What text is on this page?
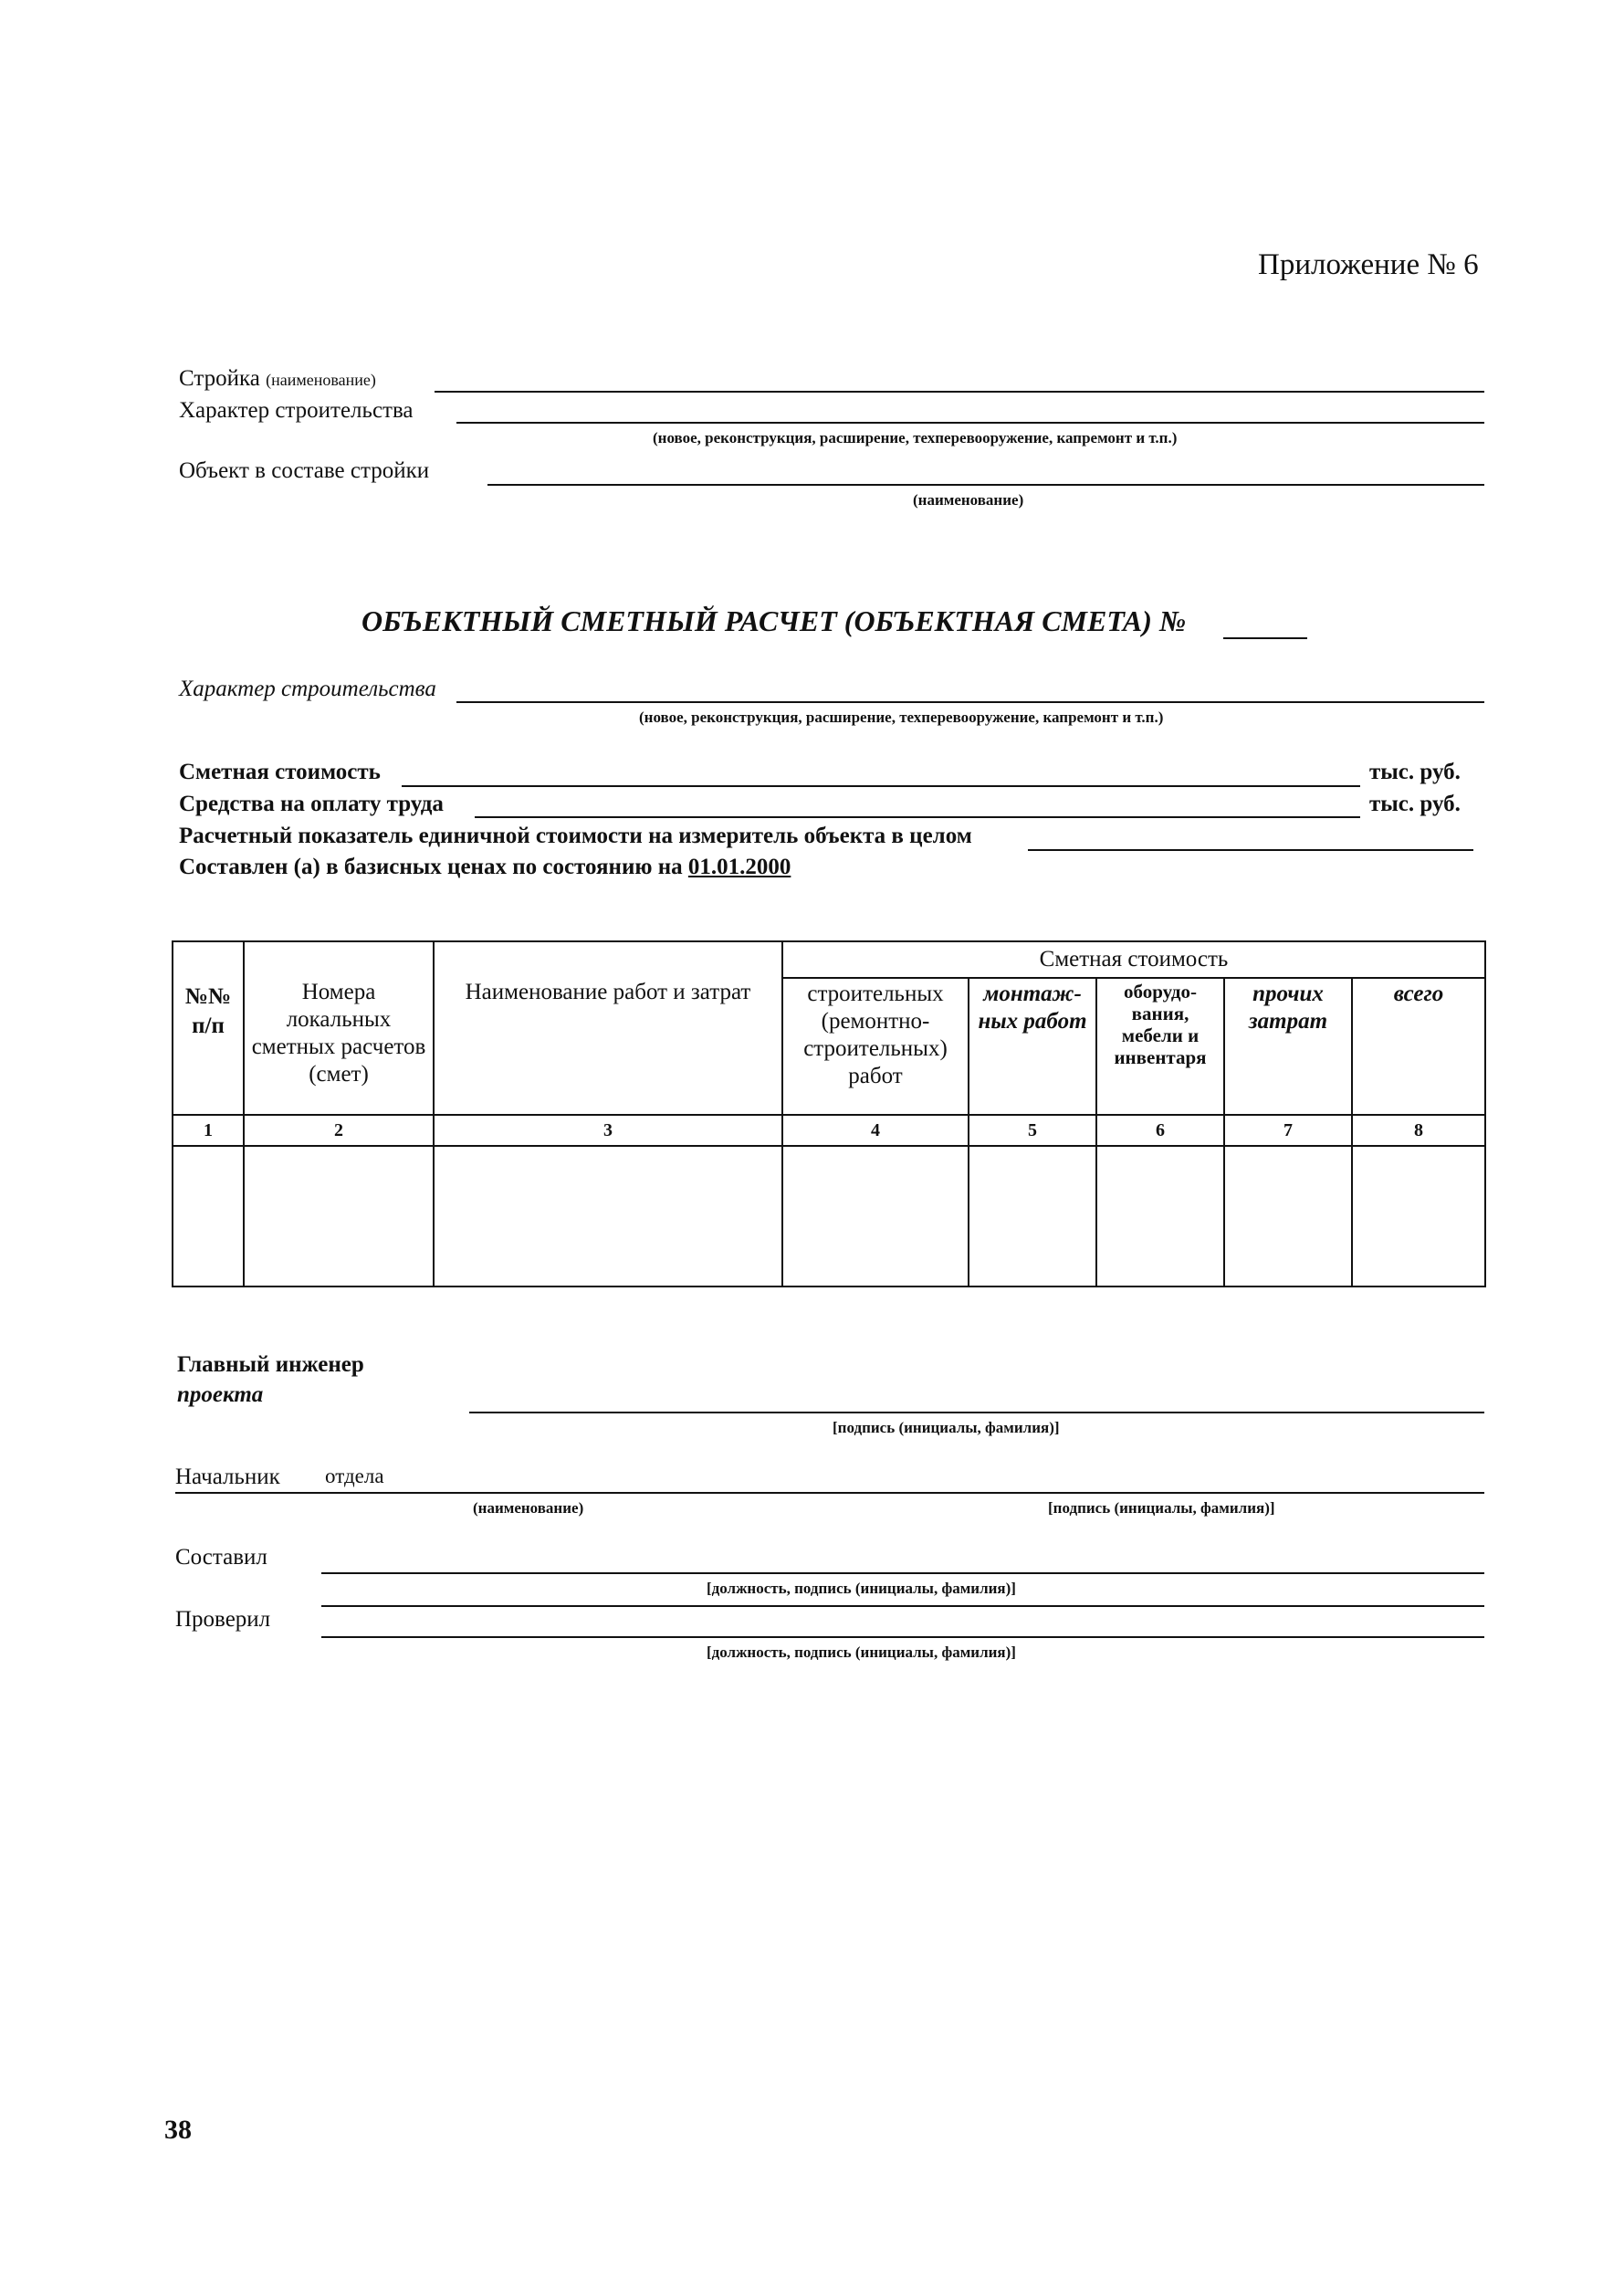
Приложение № 6
Стройка (наименование)
Характер строительства
(новое, реконструкция, расширение, техперевооружение, капремонт и т.п.)
Объект в составе стройки
(наименование)
ОБЪЕКТНЫЙ СМЕТНЫЙ РАСЧЕТ (ОБЪЕКТНАЯ СМЕТА) №
Характер строительства
(новое, реконструкция, расширение, техперевооружение, капремонт и т.п.)
Сметная стоимость	тыс. руб.
Средства на оплату труда	тыс. руб.
Расчетный показатель единичной стоимости на измеритель объекта в целом
Составлен (а) в базисных ценах по состоянию на 01.01.2000
№№ п/п	Номера локальных сметных расчетов (смет)	Наименование работ и затрат	Сметная стоимость				
			строительных (ремонтно-строительных) работ	монтаж-ных работ	оборудо-вания, мебели и инвентаря	прочих затрат	всего
1	2	3	4	5	6	7	8

Главный инженер
проекта
[подпись (инициалы, фамилия)]
Начальник отдела
(наименование)	[подпись (инициалы, фамилия)]
Составил
[должность, подпись (инициалы, фамилия)]
Проверил
[должность, подпись (инициалы, фамилия)]
38
